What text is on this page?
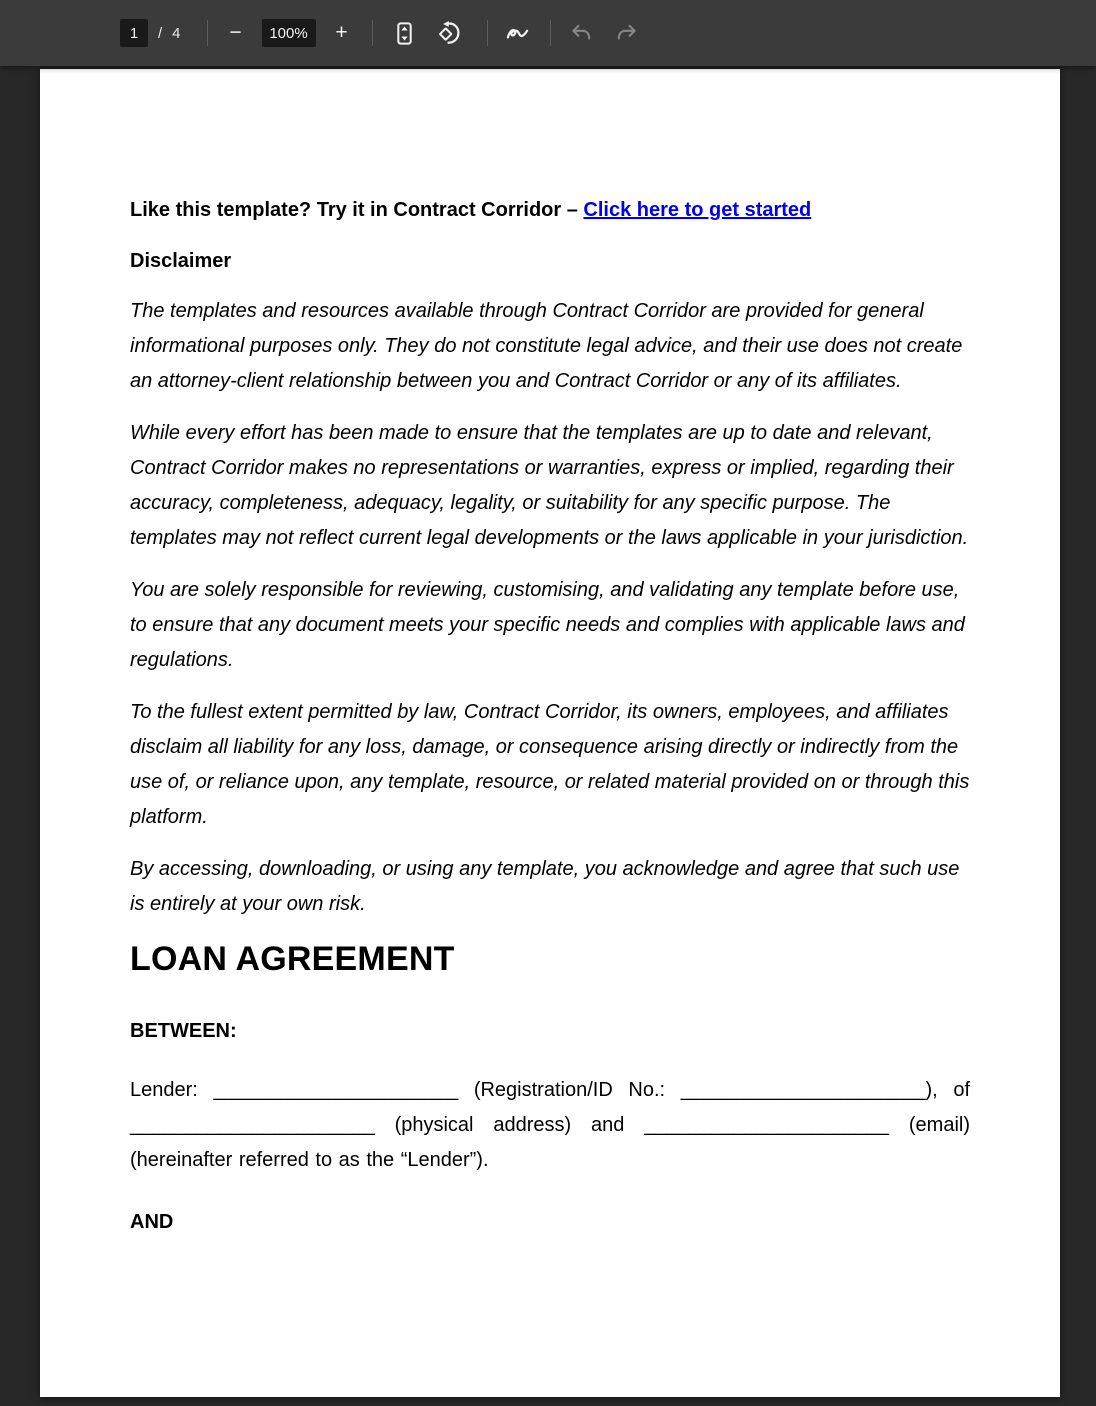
1
/ 4	−
100%	+
Like this template? Try it in Contract Corridor – Click here to get started
Disclaimer

The templates and resources available through Contract Corridor are provided for general informational purposes only. They do not constitute legal advice, and their use does not create an attorney-client relationship between you and Contract Corridor or any of its affiliates.

While every effort has been made to ensure that the templates are up to date and relevant, Contract Corridor makes no representations or warranties, express or implied, regarding their accuracy, completeness, adequacy, legality, or suitability for any specific purpose. The templates may not reflect current legal developments or the laws applicable in your jurisdiction.

You are solely responsible for reviewing, customising, and validating any template before use, to ensure that any document meets your specific needs and complies with applicable laws and regulations.

To the fullest extent permitted by law, Contract Corridor, its owners, employees, and affiliates disclaim all liability for any loss, damage, or consequence arising directly or indirectly from the use of, or reliance upon, any template, resource, or related material provided on or through this platform.

By accessing, downloading, or using any template, you acknowledge and agree that such use is entirely at your own risk.

LOAN AGREEMENT
BETWEEN:

Lender: ______________________ (Registration/ID No.: ______________________), of ______________________ (physical address) and ______________________ (email) (hereinafter referred to as the “Lender”).

AND
